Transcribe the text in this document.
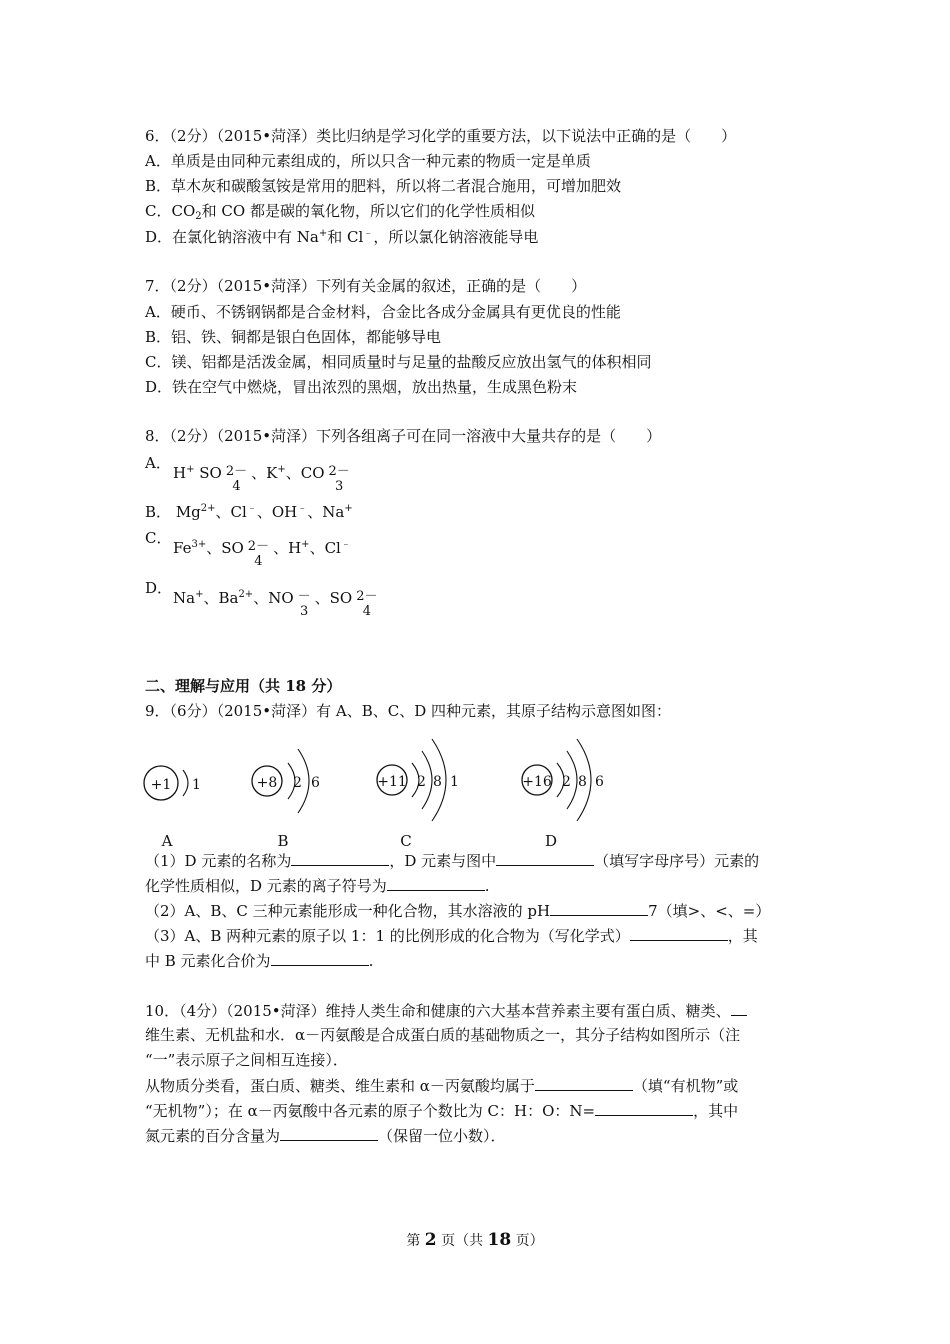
6．（2分）（2015•菏泽）类比归纳是学习化学的重要方法，以下说法中正确的是（　　）
A．单质是由同种元素组成的，所以只含一种元素的物质一定是单质
B．草木灰和碳酸氢铵是常用的肥料，所以将二者混合施用，可增加肥效
C．$CO_2$和 CO 都是碳的氧化物，所以它们的化学性质相似
D．在氯化钠溶液中有 Na+和 Cl﹣，所以氯化钠溶液能导电
7．（2分）（2015•菏泽）下列有关金属的叙述，正确的是（　　）
A．硬币、不锈钢锅都是合金材料，合金比各成分金属具有更优良的性能
B．铝、铁、铜都是银白色固体，都能够导电
C．镁、铝都是活泼金属，相同质量时与足量的盐酸反应放出氢气的体积相同
D．铁在空气中燃烧，冒出浓烈的黑烟，放出热量，生成黑色粉末
8．（2分）（2015•菏泽）下列各组离子可在同一溶液中大量共存的是（　　）
A．
H+ SO 2－
4
、K+、CO 2－
3
B． $Mg^{2+}$、Cl﹣、OH﹣、Na+
C．
$Fe^{3+}$、SO 2－
4
、H+、Cl﹣
D．
Na+、$Ba^{2+}$、NO －
3
、SO 2－
4
二、理解与应用（共 18 分）
9．（6分）（2015•菏泽）有 A、B、C、D 四种元素，其原子结构示意图如图：
+1 1
A
+8 2 6
B
+11 2 8 1
C
+16 2 8 6
D
（1）D 元素的名称为	，D 元素与图中	（填写字母序号）元素的
化学性质相似，D 元素的离子符号为	.
（2）A、B、C 三种元素能形成一种化合物，其水溶液的 pH	7（填>、<、=）
（3）A、B 两种元素的原子以 1：1 的比例形成的化合物为（写化学式）	，其
中 B 元素化合价为	.
10．（4分）（2015•菏泽）维持人类生命和健康的六大基本营养素主要有蛋白质、糖类、
维生素、无机盐和水．α－丙氨酸是合成蛋白质的基础物质之一，其分子结构如图所示（注
“一”表示原子之间相互连接）．
从物质分类看，蛋白质、糖类、维生素和 α－丙氨酸均属于	（填“有机物”或
“无机物”）；在 α－丙氨酸中各元素的原子个数比为 C：H：O：N=	，其中
氮元素的百分含量为	（保留一位小数）．
第 2 页（共 18 页）
